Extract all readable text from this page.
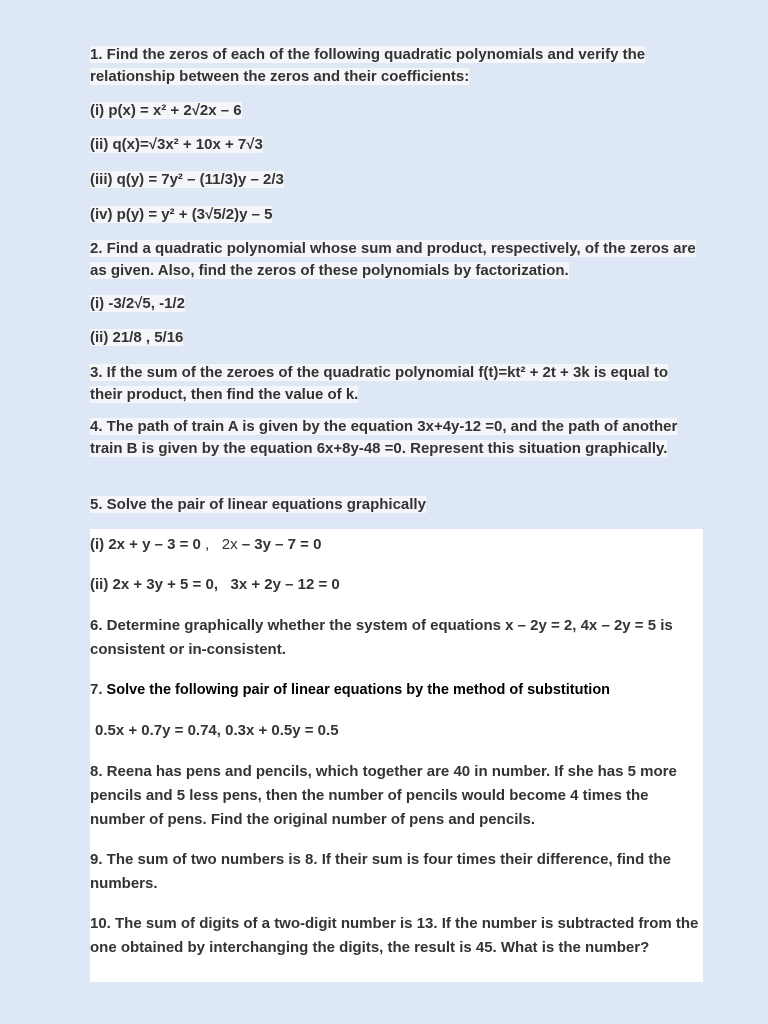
1. Find the zeros of each of the following quadratic polynomials and verify the relationship between the zeros and their coefficients:

(i) p(x) = x² + 2√2x – 6

(ii) q(x)=√3x² + 10x + 7√3

(iii) q(y) = 7y² – (11/3)y – 2/3

(iv) p(y) = y² + (3√5/2)y – 5

2. Find a quadratic polynomial whose sum and product, respectively, of the zeros are as given. Also, find the zeros of these polynomials by factorization.

(i) -3/2√5, -1/2

(ii) 21/8 , 5/16

3. If the sum of the zeroes of the quadratic polynomial f(t)=kt² + 2t + 3k is equal to their product, then find the value of k.

4. The path of train A is given by the equation 3x+4y-12 =0, and the path of another train B is given by the equation 6x+8y-48 =0. Represent this situation graphically.

5. Solve the pair of linear equations graphically

(i) 2x + y – 3 = 0 ,   2x – 3y – 7 = 0

(ii) 2x + 3y + 5 = 0,   3x + 2y – 12 = 0

6. Determine graphically whether the system of equations x – 2y = 2, 4x – 2y = 5 is consistent or in-consistent.

7. Solve the following pair of linear equations by the method of substitution

0.5x + 0.7y = 0.74, 0.3x + 0.5y = 0.5

8. Reena has pens and pencils, which together are 40 in number. If she has 5 more pencils and 5 less pens, then the number of pencils would become 4 times the number of pens. Find the original number of pens and pencils.

9. The sum of two numbers is 8. If their sum is four times their difference, find the numbers.

10. The sum of digits of a two-digit number is 13. If the number is subtracted from the one obtained by interchanging the digits, the result is 45. What is the number?
